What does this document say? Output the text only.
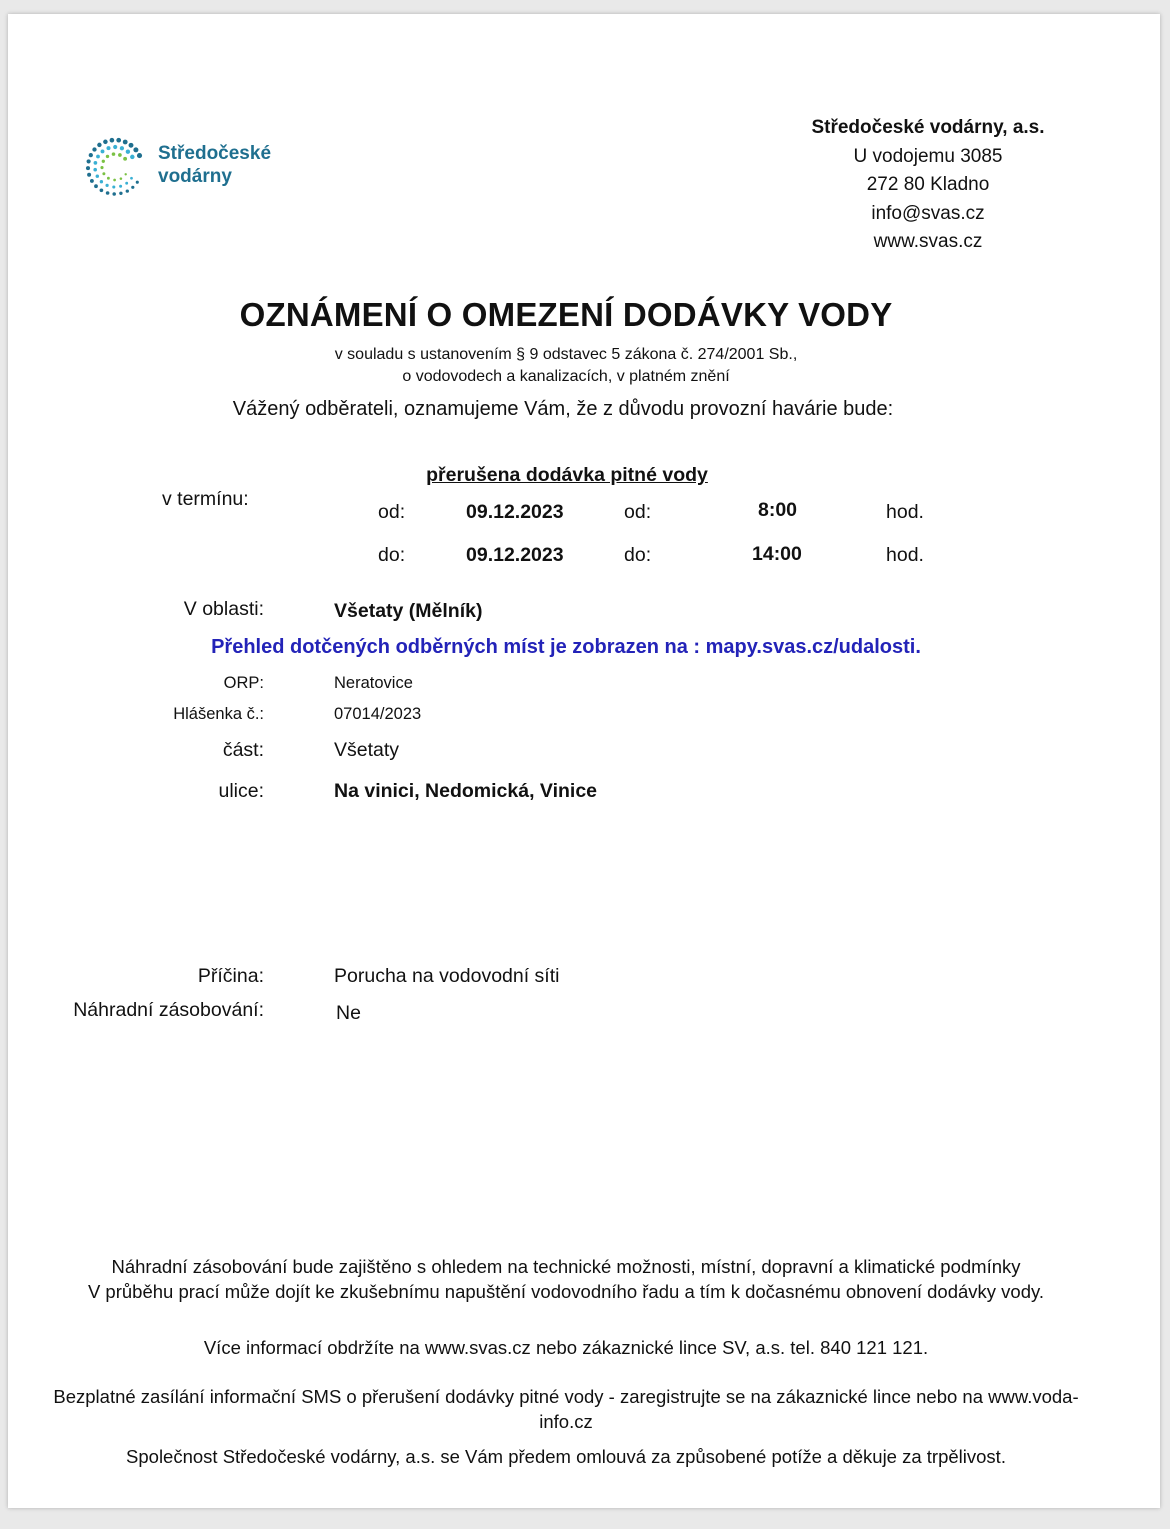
Středočeské
vodárny
Středočeské vodárny, a.s.
U vodojemu 3085
272 80 Kladno
info@svas.cz
www.svas.cz
OZNÁMENÍ O OMEZENÍ DODÁVKY VODY
v souladu s ustanovením § 9 odstavec 5 zákona č. 274/2001 Sb.,
o vodovodech a kanalizacích, v platném znění
Vážený odběrateli, oznamujeme Vám, že z důvodu provozní havárie bude:
přerušena dodávka pitné vody
v termínu:
od:	09.12.2023	od:	8:00	hod.
do:	09.12.2023	do:	14:00	hod.
V oblasti:	Všetaty (Mělník)
Přehled dotčených odběrných míst je zobrazen na : mapy.svas.cz/udalosti.
ORP:	Neratovice
Hlášenka č.:	07014/2023
část:	Všetaty
ulice:	Na vinici, Nedomická, Vinice
Příčina:	Porucha na vodovodní síti
Náhradní zásobování:	Ne
Náhradní zásobování bude zajištěno s ohledem na technické možnosti, místní, dopravní a klimatické podmínky
V průběhu prací může dojít ke zkušebnímu napuštění vodovodního řadu a tím k dočasnému obnovení dodávky vody.
Více informací obdržíte na www.svas.cz nebo zákaznické lince SV, a.s. tel. 840 121 121.
Bezplatné zasílání informační SMS o přerušení dodávky pitné vody - zaregistrujte se na zákaznické lince nebo na www.voda-info.cz
Společnost Středočeské vodárny, a.s. se Vám předem omlouvá za způsobené potíže a děkuje za trpělivost.
